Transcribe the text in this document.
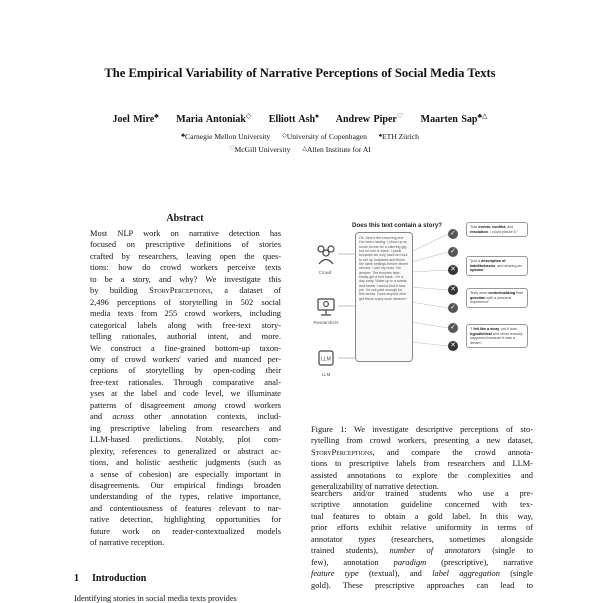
The Empirical Variability of Narrative Perceptions of Social Media Texts
Joel Mire♣ Maria Antoniak◇ Elliott Ash♠ Andrew Piper♡ Maarten Sap♣△
♣Carnegie Mellon University ◇University of Copenhagen ♠ETH Zürich
♡McGill University △Allen Institute for AI
Abstract
Most NLP work on narrative detection has
focused on prescriptive definitions of stories
crafted by researchers, leaving open the ques-
tions: how do crowd workers perceive texts
to be a story, and why? We investigate this
by building StoryPerceptions, a dataset of
2,496 perceptions of storytelling in 502 social
media texts from 255 crowd workers, including
categorical labels along with free-text story-
telling rationales, authorial intent, and more.
We construct a fine-grained bottom-up taxon-
omy of crowd workers' varied and nuanced per-
ceptions of storytelling by open-coding their
free-text rationales. Through comparative anal-
yses at the label and code level, we illuminate
patterns of disagreement among crowd workers
and across other annotation contexts, includ-
ing prescriptive labeling from researchers and
LLM-based predictions. Notably, plot com-
plexity, references to generalized or abstract ac-
tions, and holistic aesthetic judgments (such as
a sense of cohesion) are especially important in
disagreements. Our empirical findings broaden
understanding of the types, relative importance,
and contentiousness of features relevant to nar-
rative detection, highlighting opportunities for
future work on reader-contextualized models
of narrative reception.
1 Introduction
Identifying stories in social media texts provides
Does this text contain a story?
Crowd
Researchers
LLM
LLM
Ok, here's the recurring one I've been having. I show up at some venue for a catering gig, but no one is there. I panic because we only have an hour to set up hotplates and finish the table settings before dinner service. I call my boss. No answer. Ten minutes later, finally get a text back...I'm a day early. Wake up in a sweat and swear I would find a new job. I'm not paid enough for this stress. Does anyone else get these crazy work dreams?
✓
✓
✕
✕
✓
✓
✕
"has events, conflict, and resolution. I could picture it."
"just a description of habit/behavior, and sharing an opinion."
"they were contextualizing their question with a personal experience"
"I felt like a story, but it was hypothetical and never actually happened because it was a dream."
Figure 1: We investigate descriptive perceptions of sto-
rytelling from crowd workers, presenting a new dataset,
StoryPerceptions, and compare the crowd annota-
tions to prescriptive labels from researchers and LLM-
assisted annotations to explore the complexities and
generalizability of narrative detection.
searchers and/or trained students who use a pre-
scriptive annotation guideline concerned with tex-
tual features to obtain a gold label. In this way,
prior efforts exhibit relative uniformity in terms of
annotator types (researchers, sometimes alongside
trained students), number of annotators (single to
few), annotation paradigm (prescriptive), narrative
feature type (textual), and label aggregation (single
gold). These prescriptive approaches can lead to
